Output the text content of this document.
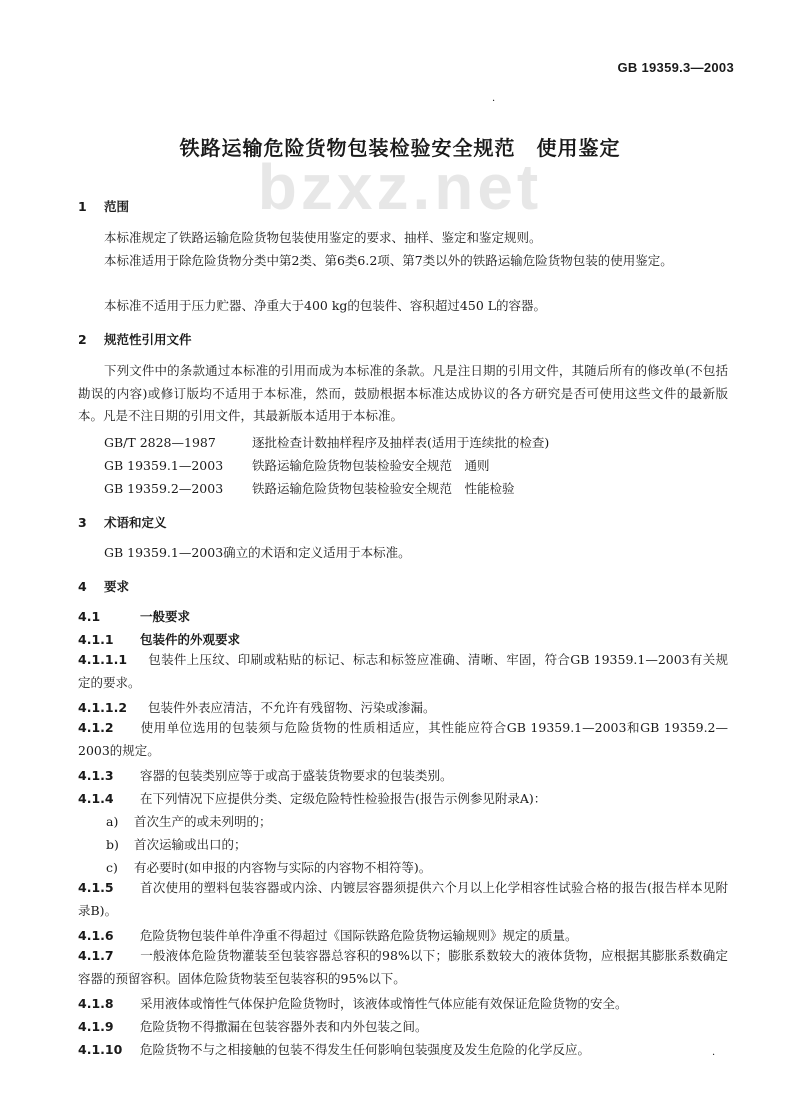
GB 19359.3—2003
·
bzxz.net
铁路运输危险货物包装检验安全规范　使用鉴定
1 范围
本标准规定了铁路运输危险货物包装使用鉴定的要求、抽样、鉴定和鉴定规则。
本标准适用于除危险货物分类中第2类、第6类6.2项、第7类以外的铁路运输危险货物包装的使用鉴定。
本标准不适用于压力贮器、净重大于400 kg的包装件、容积超过450 L的容器。
2 规范性引用文件
下列文件中的条款通过本标准的引用而成为本标准的条款。凡是注日期的引用文件，其随后所有的修改单(不包括勘误的内容)或修订版均不适用于本标准，然而，鼓励根据本标准达成协议的各方研究是否可使用这些文件的最新版本。凡是不注日期的引用文件，其最新版本适用于本标准。
GB/T 2828—1987	逐批检查计数抽样程序及抽样表(适用于连续批的检查)
GB 19359.1—2003 铁路运输危险货物包装检验安全规范　通则
GB 19359.2—2003 铁路运输危险货物包装检验安全规范　性能检验
3 术语和定义
GB 19359.1—2003确立的术语和定义适用于本标准。
4 要求
4.1	一般要求
4.1.1 包装件的外观要求
4.1.1.1 包装件上压纹、印刷或粘贴的标记、标志和标签应准确、清晰、牢固，符合GB 19359.1—2003有关规定的要求。
4.1.1.2 包装件外表应清洁，不允许有残留物、污染或渗漏。
4.1.2 使用单位选用的包装须与危险货物的性质相适应，其性能应符合GB 19359.1—2003和GB 19359.2—2003的规定。
4.1.3 容器的包装类别应等于或高于盛装货物要求的包装类别。
4.1.4 在下列情况下应提供分类、定级危险特性检验报告(报告示例参见附录A)：
a) 首次生产的或未列明的；
b) 首次运输或出口的；
c) 有必要时(如申报的内容物与实际的内容物不相符等)。
4.1.5 首次使用的塑料包装容器或内涂、内镀层容器须提供六个月以上化学相容性试验合格的报告(报告样本见附录B)。
4.1.6 危险货物包装件单件净重不得超过《国际铁路危险货物运输规则》规定的质量。
4.1.7 一般液体危险货物灌装至包装容器总容积的98%以下；膨胀系数较大的液体货物，应根据其膨胀系数确定容器的预留容积。固体危险货物装至包装容积的95%以下。
4.1.8 采用液体或惰性气体保护危险货物时，该液体或惰性气体应能有效保证危险货物的安全。
4.1.9 危险货物不得撒漏在包装容器外表和内外包装之间。
4.1.10 危险货物不与之相接触的包装不得发生任何影响包装强度及发生危险的化学反应。	·
